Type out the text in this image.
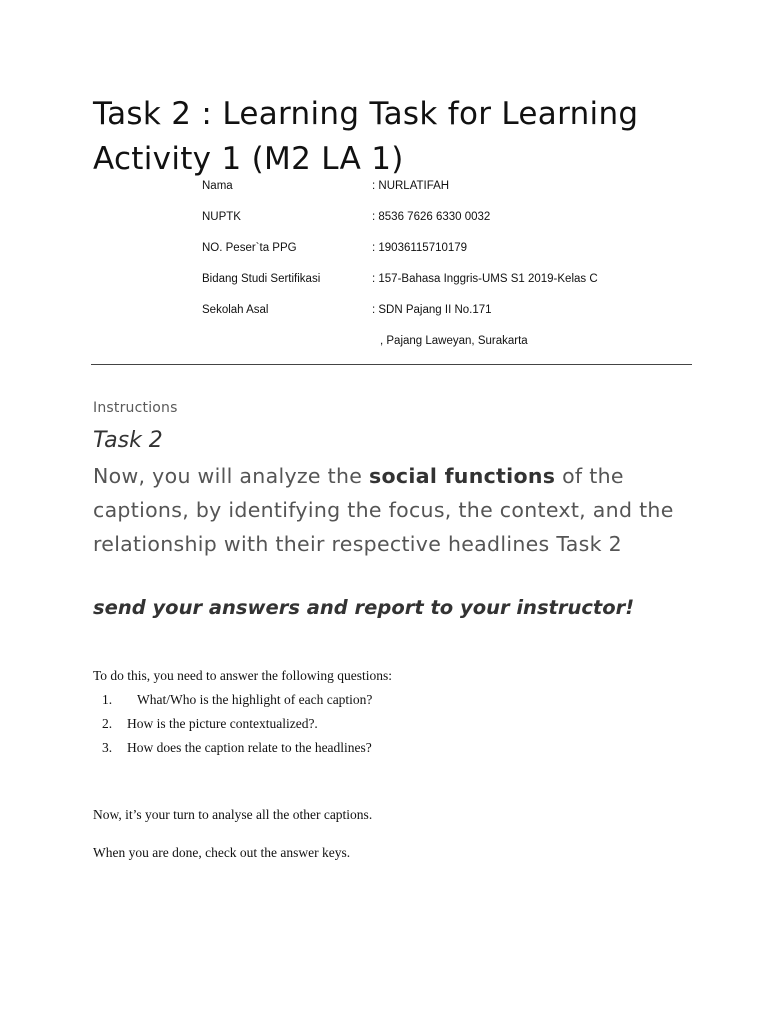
Task 2 : Learning Task for Learning Activity 1 (M2 LA 1)
Nama	: NURLATIFAH
NUPTK	: 8536 7626 6330 0032
NO. Peser`ta PPG	: 19036115710179
Bidang Studi Sertifikasi	: 157-Bahasa Inggris-UMS S1 2019-Kelas C
Sekolah Asal	: SDN Pajang II No.171
, Pajang Laweyan, Surakarta
Instructions
Task 2

Now, you will analyze the social functions of the captions, by identifying the focus, the context, and the relationship with their respective headlines Task 2

send your answers and report to your instructor!
To do this, you need to answer the following questions:
1. What/Who is the highlight of each caption?
2. How is the picture contextualized?.
3. How does the caption relate to the headlines?
Now, it’s your turn to analyse all the other captions.
When you are done, check out the answer keys.
